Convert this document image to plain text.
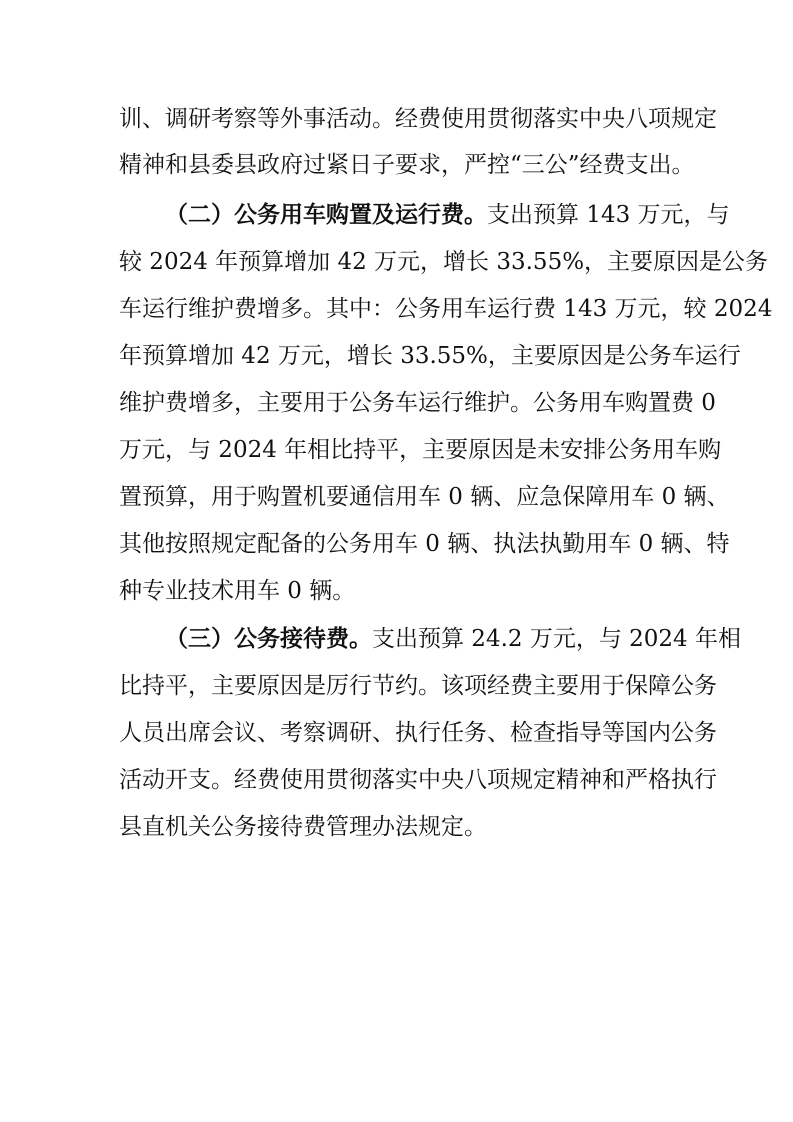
训、调研考察等外事活动。经费使用贯彻落实中央八项规定
精神和县委县政府过紧日子要求，严控“三公”经费支出。
（二）公务用车购置及运行费。支出预算 143 万元，与
较 2024 年预算增加 42 万元，增长 33.55%，主要原因是公务
车运行维护费增多。其中：公务用车运行费 143 万元，较 2024
年预算增加 42 万元，增长 33.55%，主要原因是公务车运行
维护费增多，主要用于公务车运行维护。公务用车购置费 0
万元，与 2024 年相比持平，主要原因是未安排公务用车购
置预算，用于购置机要通信用车 0 辆、应急保障用车 0 辆、
其他按照规定配备的公务用车 0 辆、执法执勤用车 0 辆、特
种专业技术用车 0 辆。
（三）公务接待费。支出预算 24.2 万元，与 2024 年相
比持平，主要原因是厉行节约。该项经费主要用于保障公务
人员出席会议、考察调研、执行任务、检查指导等国内公务
活动开支。经费使用贯彻落实中央八项规定精神和严格执行
县直机关公务接待费管理办法规定。
